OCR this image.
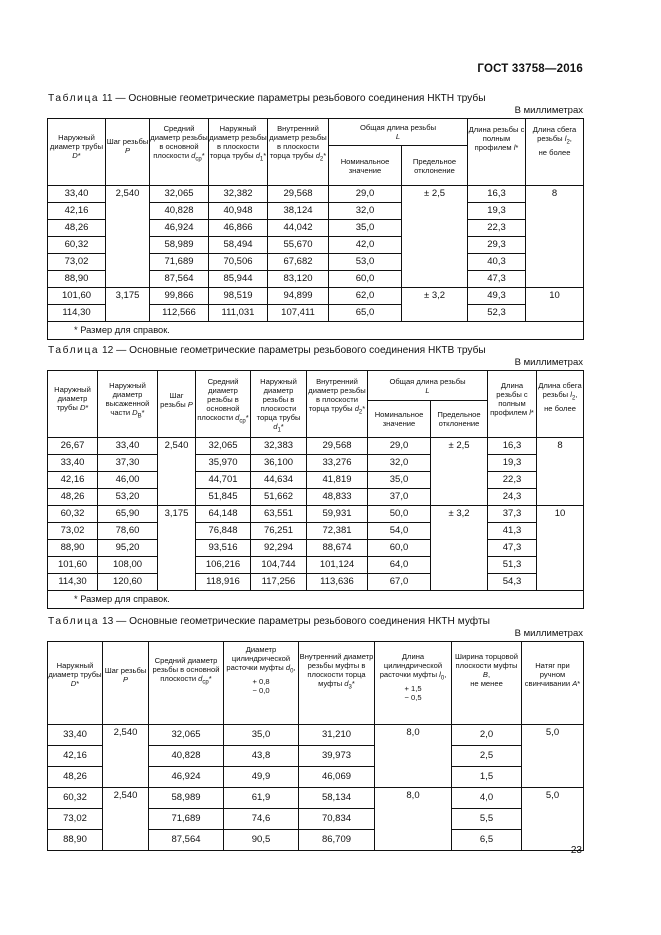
ГОСТ 33758—2016
Таблица 11 — Основные геометрические параметры резьбового соединения НКТН трубы
В миллиметрах
Наружный диаметр трубы D*	Шаг резьбы P	Средний диаметр резьбы в основной плоскости $d_{ср}*$	Наружный диаметр резьбы в плоскости торца трубы $d_1*$	Внутренний диаметр резьбы в плоскости торца трубы $d_2*$	Общая длина резьбы
L		Длина резьбы с полным профилем l*	Длина сбега резьбы $l_2$,
не более
					Номинальное значение	Предельное отклонение		
33,40	2,540	32,065	32,382	29,568	29,0	± 2,5	16,3	8
42,16		40,828	40,948	38,124	32,0		19,3	
48,26		46,924	46,866	44,042	35,0		22,3	
60,32		58,989	58,494	55,670	42,0		29,3	
73,02		71,689	70,506	67,682	53,0		40,3	
88,90		87,564	85,944	83,120	60,0		47,3	
101,60	3,175	99,866	98,519	94,899	62,0	± 3,2	49,3	10
114,30		112,566	111,031	107,411	65,0		52,3	
* Размер для справок.								
Таблица 12 — Основные геометрические параметры резьбового соединения НКТВ трубы
В миллиметрах
Наружный диаметр трубы D*	Наружный диаметр высаженной части $D_В*$	Шаг резьбы P	Средний диаметр резьбы в основной плоскости $d_{ср}*$	Наружный диаметр резьбы в плоскости торца трубы $d_1*$	Внутренний диаметр резьбы в плоскости торца трубы $d_2*$	Общая длина резьбы
L		Длина резьбы с полным профилем l*	Длина сбега резьбы $l_2$,
не более
						Номинальное значение	Предельное отклонение		
26,67	33,40	2,540	32,065	32,383	29,568	29,0	± 2,5	16,3	8
33,40	37,30		35,970	36,100	33,276	32,0		19,3	
42,16	46,00		44,701	44,634	41,819	35,0		22,3	
48,26	53,20		51,845	51,662	48,833	37,0		24,3	
60,32	65,90	3,175	64,148	63,551	59,931	50,0	± 3,2	37,3	10
73,02	78,60		76,848	76,251	72,381	54,0		41,3	
88,90	95,20		93,516	92,294	88,674	60,0		47,3	
101,60	108,00		106,216	104,744	101,124	64,0		51,3	
114,30	120,60		118,916	117,256	113,636	67,0		54,3	
* Размер для справок.									
Таблица 13 — Основные геометрические параметры резьбового соединения НКТН муфты
В миллиметрах
Наружный диаметр трубы D*	Шаг резьбы P	Средний диаметр резьбы в основной плоскости $d_{ср}*$	Диаметр цилиндрической расточки муфты $d_0$,
+ 0,8
− 0,0	Внутренний диаметр резьбы муфты в плоскости торца муфты $d_3*$	Длина цилиндрической расточки муфты $l_0$,
+ 1,5
− 0,5	Ширина торцовой плоскости муфты B,
не менее	Натяг при ручном свинчивании A*
33,40	2,540	32,065	35,0	31,210	8,0	2,0	5,0
42,16		40,828	43,8	39,973		2,5	
48,26		46,924	49,9	46,069		1,5	
60,32	2,540	58,989	61,9	58,134	8,0	4,0	5,0
73,02		71,689	74,6	70,834		5,5	
88,90		87,564	90,5	86,709		6,5	
23
